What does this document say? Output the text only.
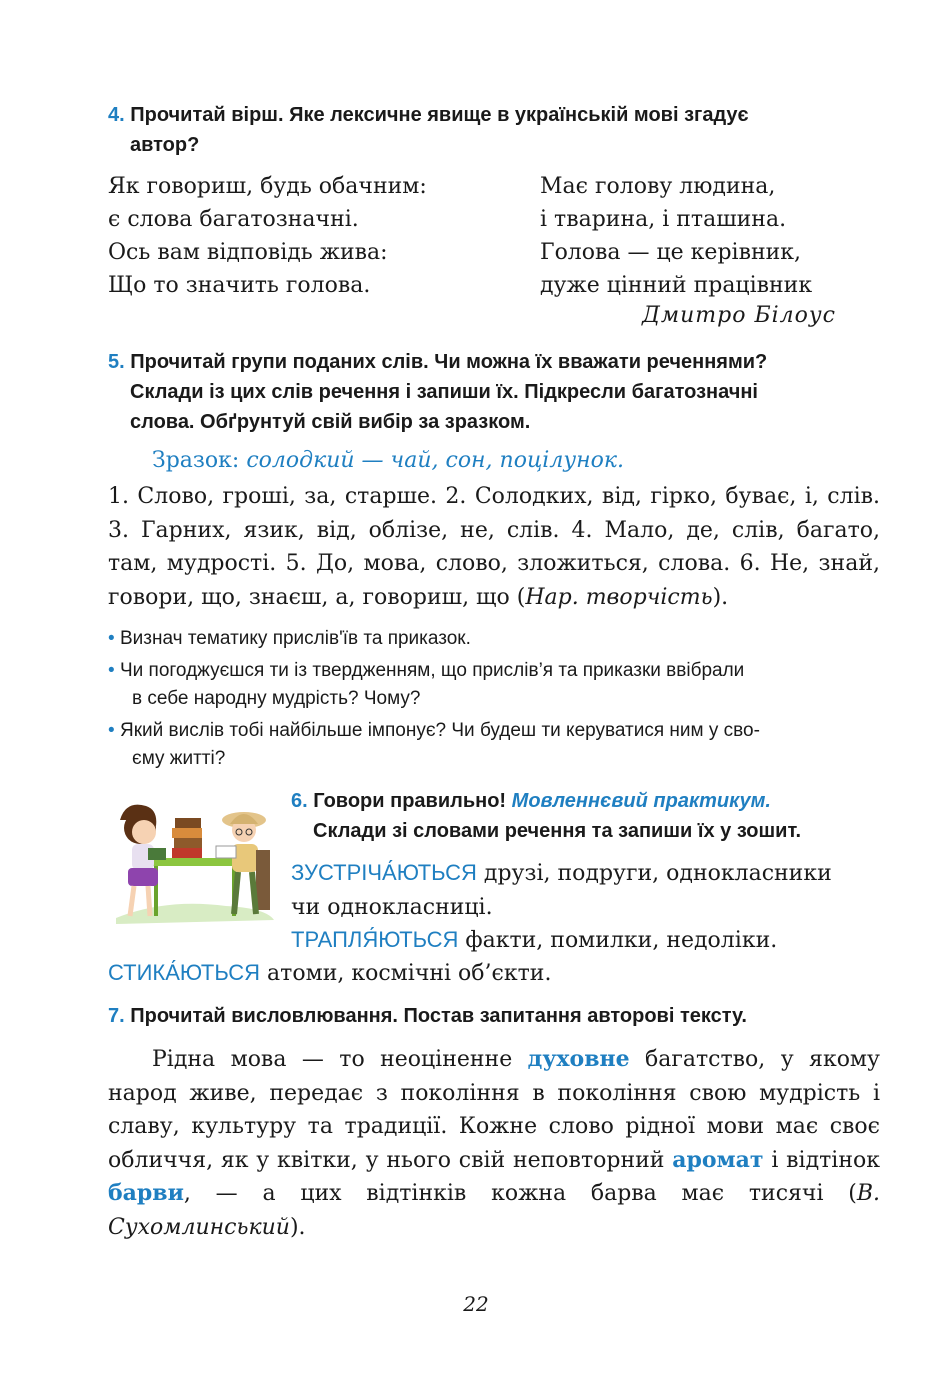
4. Прочитай вірш. Яке лексичне явище в українській мові згадує
автор?
Як говориш, будь обачним:
є слова багатозначні.
Ось вам відповідь жива:
Що то значить голова.
Має голову людина,
і тварина, і пташина.
Голова — це керівник,
дуже цінний працівник
Дмитро Білоус
5. Прочитай групи поданих слів. Чи можна їх вважати реченнями?
Склади із цих слів речення і запиши їх. Підкресли багатозначні
слова. Обґрунтуй свій вибір за зразком.
Зразок: солодкий — чай, сон, поцілунок.
1. Слово, гроші, за, старше. 2. Солодких, від, гірко, буває, і, слів. 3. Гарних, язик, від, облізе, не, слів. 4. Мало, де, слів, багато, там, мудрості. 5. До, мова, слово, зложиться, слова. 6. Не, знай, говори, що, знаєш, а, говориш, що (Нар. творчість).
• Визнач тематику прислів'їв та приказок.
• Чи погоджуєшся ти із твердженням, що прислів’я та приказки ввібрали
в себе народну мудрість? Чому?
• Який вислів тобі найбільше імпонує? Чи будеш ти керуватися ним у сво-
єму житті?
6. Говори правильно! Мовленнєвий практикум.
Склади зі словами речення та запиши їх у зошит.
ЗУСТРІЧА́ЮТЬСЯ друзі, подруги, однокласники чи однокласниці.
ТРАПЛЯ́ЮТЬСЯ факти, помилки, недоліки.
СТИКА́ЮТЬСЯ атоми, космічні об’єкти.
7. Прочитай висловлювання. Постав запитання авторові тексту.
Рідна мова — то неоціненне духовне багатство, у якому народ живе, передає з покоління в покоління свою мудрість і славу, культуру та традиції. Кожне слово рідної мови має своє обличчя, як у квітки, у нього свій неповторний аромат і відтінок барви, — а цих відтінків кожна барва має тисячі (В. Сухомлинський).
22
